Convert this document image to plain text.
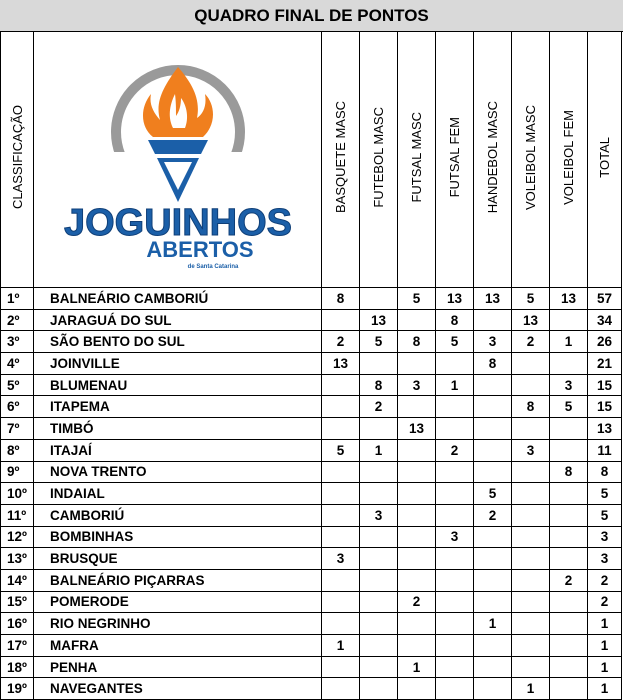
QUADRO FINAL DE PONTOS
CLASSIFICAÇÃO	JOGUINHOS
ABERTOS
de Santa Catarina	BASQUETE MASC	FUTEBOL MASC	FUTSAL MASC	FUTSAL FEM	HANDEBOL MASC	VOLEIBOL MASC	VOLEIBOL FEM	TOTAL
1º	BALNEÁRIO CAMBORIÚ	8		5	13	13	5	13	57
2º	JARAGUÁ DO SUL		13		8		13		34
3º	SÃO BENTO DO SUL	2	5	8	5	3	2	1	26
4º	JOINVILLE	13				8			21
5º	BLUMENAU		8	3	1			3	15
6º	ITAPEMA		2				8	5	15
7º	TIMBÓ			13					13
8º	ITAJAÍ	5	1		2		3		11
9º	NOVA TRENTO							8	8
10º	INDAIAL					5			5
11º	CAMBORIÚ		3			2			5
12º	BOMBINHAS				3				3
13º	BRUSQUE	3							3
14º	BALNEÁRIO PIÇARRAS							2	2
15º	POMERODE			2					2
16º	RIO NEGRINHO					1			1
17º	MAFRA	1							1
18º	PENHA			1					1
19º	NAVEGANTES						1		1
